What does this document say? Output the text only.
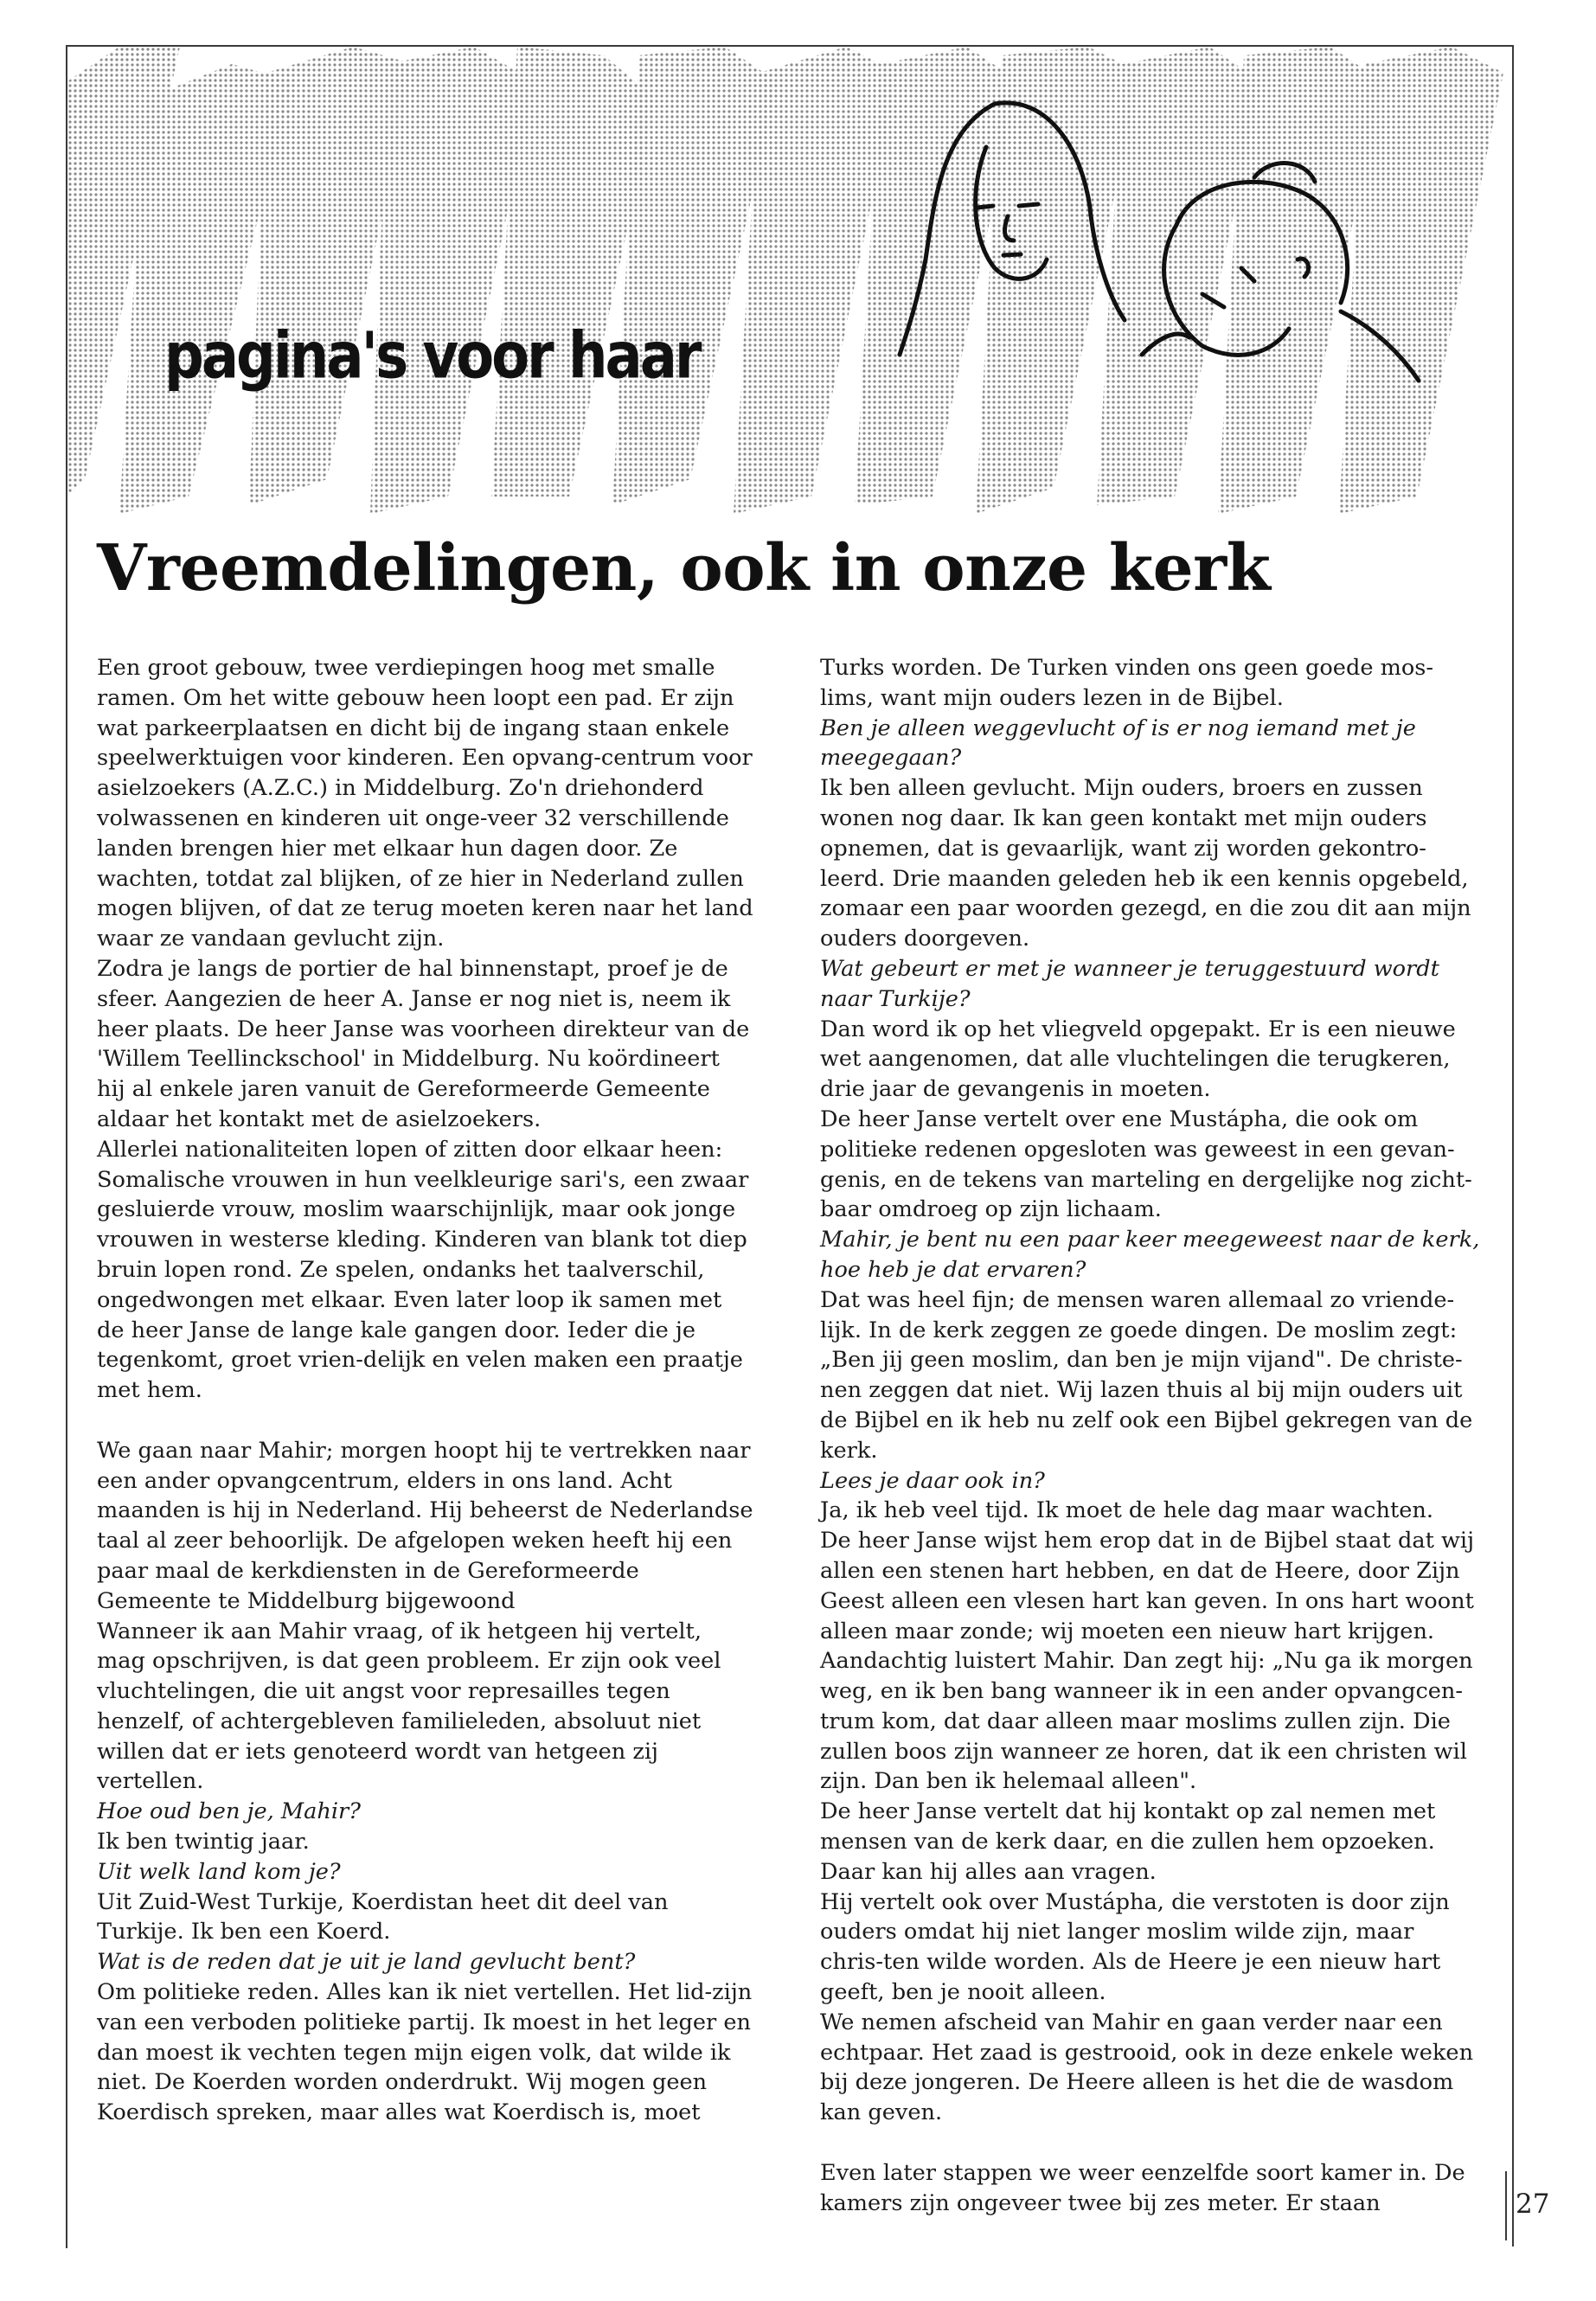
pagina's voor haar
Vreemdelingen, ook in onze kerk

Een groot gebouw, twee verdiepingen hoog met smalle ramen. Om het witte gebouw heen loopt een pad. Er zijn wat parkeerplaatsen en dicht bij de ingang staan enkele speelwerktuigen voor kinderen. Een opvang-centrum voor asielzoekers (A.Z.C.) in Middelburg. Zo'n driehonderd volwassenen en kinderen uit onge-veer 32 verschillende landen brengen hier met elkaar hun dagen door. Ze wachten, totdat zal blijken, of ze hier in Nederland zullen mogen blijven, of dat ze terug moeten keren naar het land waar ze vandaan gevlucht zijn.

Zodra je langs de portier de hal binnenstapt, proef je de sfeer. Aangezien de heer A. Janse er nog niet is, neem ik heer plaats. De heer Janse was voorheen direkteur van de 'Willem Teellinckschool' in Middelburg. Nu koördineert hij al enkele jaren vanuit de Gereformeerde Gemeente aldaar het kontakt met de asielzoekers.

Allerlei nationaliteiten lopen of zitten door elkaar heen: Somalische vrouwen in hun veelkleurige sari's, een zwaar gesluierde vrouw, moslim waarschijnlijk, maar ook jonge vrouwen in westerse kleding. Kinderen van blank tot diep bruin lopen rond. Ze spelen, ondanks het taalverschil, ongedwongen met elkaar. Even later loop ik samen met de heer Janse de lange kale gangen door. Ieder die je tegenkomt, groet vrien-delijk en velen maken een praatje met hem.

We gaan naar Mahir; morgen hoopt hij te vertrekken naar een ander opvangcentrum, elders in ons land. Acht maanden is hij in Nederland. Hij beheerst de Nederlandse taal al zeer behoorlijk. De afgelopen weken heeft hij een paar maal de kerkdiensten in de Gereformeerde Gemeente te Middelburg bijgewoond

Wanneer ik aan Mahir vraag, of ik hetgeen hij vertelt, mag opschrijven, is dat geen probleem. Er zijn ook veel vluchtelingen, die uit angst voor represailles tegen henzelf, of achtergebleven familieleden, absoluut niet willen dat er iets genoteerd wordt van hetgeen zij vertellen.

Hoe oud ben je, Mahir?

Ik ben twintig jaar.

Uit welk land kom je?

Uit Zuid-West Turkije, Koerdistan heet dit deel van Turkije. Ik ben een Koerd.

Wat is de reden dat je uit je land gevlucht bent?

Om politieke reden. Alles kan ik niet vertellen. Het lid-zijn van een verboden politieke partij. Ik moest in het leger en dan moest ik vechten tegen mijn eigen volk, dat wilde ik niet. De Koerden worden onderdrukt. Wij mogen geen Koerdisch spreken, maar alles wat Koerdisch is, moet

Turks worden. De Turken vinden ons geen goede mos-lims, want mijn ouders lezen in de Bijbel.

Ben je alleen weggevlucht of is er nog iemand met je meegegaan?

Ik ben alleen gevlucht. Mijn ouders, broers en zussen wonen nog daar. Ik kan geen kontakt met mijn ouders opnemen, dat is gevaarlijk, want zij worden gekontro-leerd. Drie maanden geleden heb ik een kennis opgebeld, zomaar een paar woorden gezegd, en die zou dit aan mijn ouders doorgeven.

Wat gebeurt er met je wanneer je teruggestuurd wordt naar Turkije?

Dan word ik op het vliegveld opgepakt. Er is een nieuwe wet aangenomen, dat alle vluchtelingen die terugkeren, drie jaar de gevangenis in moeten.

De heer Janse vertelt over ene Mustápha, die ook om politieke redenen opgesloten was geweest in een gevan-genis, en de tekens van marteling en dergelijke nog zicht-baar omdroeg op zijn lichaam.

Mahir, je bent nu een paar keer meegeweest naar de kerk, hoe heb je dat ervaren?

Dat was heel fijn; de mensen waren allemaal zo vriende-lijk. In de kerk zeggen ze goede dingen. De moslim zegt: „Ben jij geen moslim, dan ben je mijn vijand". De christe-nen zeggen dat niet. Wij lazen thuis al bij mijn ouders uit de Bijbel en ik heb nu zelf ook een Bijbel gekregen van de kerk.

Lees je daar ook in?

Ja, ik heb veel tijd. Ik moet de hele dag maar wachten.

De heer Janse wijst hem erop dat in de Bijbel staat dat wij allen een stenen hart hebben, en dat de Heere, door Zijn Geest alleen een vlesen hart kan geven. In ons hart woont alleen maar zonde; wij moeten een nieuw hart krijgen. Aandachtig luistert Mahir. Dan zegt hij: „Nu ga ik morgen weg, en ik ben bang wanneer ik in een ander opvangcen-trum kom, dat daar alleen maar moslims zullen zijn. Die zullen boos zijn wanneer ze horen, dat ik een christen wil zijn. Dan ben ik helemaal alleen".

De heer Janse vertelt dat hij kontakt op zal nemen met mensen van de kerk daar, en die zullen hem opzoeken. Daar kan hij alles aan vragen.

Hij vertelt ook over Mustápha, die verstoten is door zijn ouders omdat hij niet langer moslim wilde zijn, maar chris-ten wilde worden. Als de Heere je een nieuw hart geeft, ben je nooit alleen.

We nemen afscheid van Mahir en gaan verder naar een echtpaar. Het zaad is gestrooid, ook in deze enkele weken bij deze jongeren. De Heere alleen is het die de wasdom kan geven.

Even later stappen we weer eenzelfde soort kamer in. De kamers zijn ongeveer twee bij zes meter. Er staan	27
